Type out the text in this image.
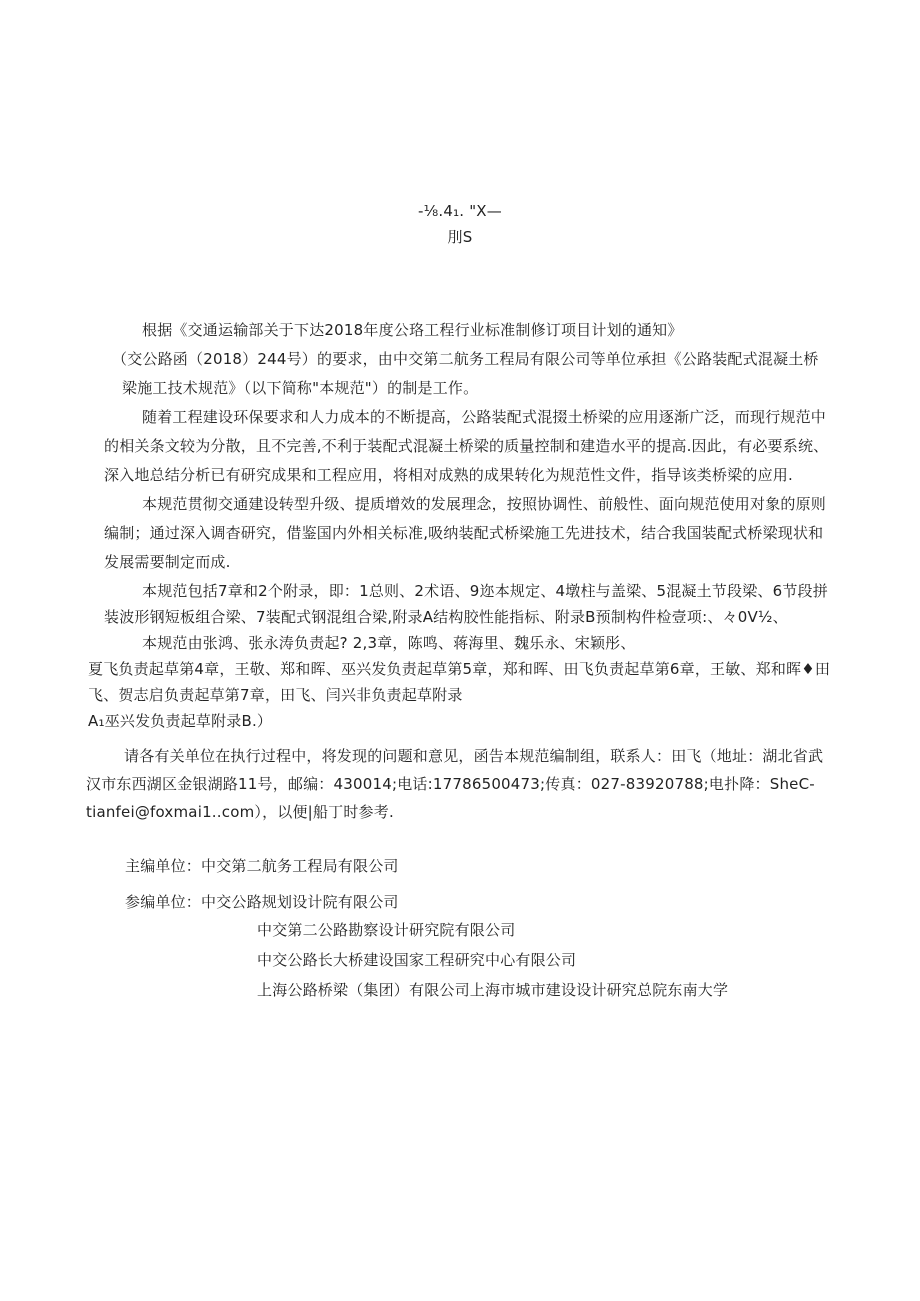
-⅛.4₁. "X—
刖S
根据《交通运输部关于下达2018年度公珞工程行业标准制修订项目计划的通知》
（交公路函（2018）244号）的要求，由中交第二航务工程局有限公司等单位承担《公路装配式混凝土桥
梁施工技术规范》（以下简称"本规范"）的制是工作。
随着工程建设环保要求和人力成本的不断提高，公路装配式混掇土桥梁的应用逐渐广泛，而现行规范中
的相关条文较为分散，且不完善,不利于装配式混凝土桥梁的质量控制和建造水平的提高.因此，有必要系统、
深入地总结分析已有研究成果和工程应用，将相对成熟的成果转化为规范性文件，指导该类桥梁的应用.
本规范贯彻交通建设转型升级、提质增效的发展理念，按照协调性、前般性、面向规范使用对象的原则
编制；通过深入调杳研究，借鉴国内外相关标准,吸纳装配式桥梁施工先进技术，结合我国装配式桥梁现状和
发展需要制定而成.
本规范包括7章和2个附录，即：1总则、2术语、9迩本规定、4墩柱与盖梁、5混凝土节段梁、6节段拼
装波形钢短板组合梁、7装配式钢混组合梁,附录A结构胶性能指标、附录B预制构件检壹项:、々0V½、
本规范由张鸿、张永涛负责起? 2,3章，陈鸣、蒋海里、魏乐永、宋颖彤、
夏飞负责起草第4章，王敬、郑和晖、巫兴发负责起草第5章，郑和晖、田飞负责起草第6章，王敏、郑和晖♦田
飞、贺志启负责起草第7章，田飞、闫兴非负责起草附录
A₁巫兴发负责起草附录B.）
请各有关单位在执行过程中，将发现的问题和意见，函告本规范编制组，联系人：田飞（地址：湖北省武
汉市东西湖区金银湖路11号，邮编：430014;电话:17786500473;传真：027-83920788;电扑降：SheC-
tianfei@foxmai1..com），以便|船丁时参考.
主编单位：中交第二航务工程局有限公司
参编单位：中交公路规划设计院有限公司
中交第二公路勘察设计研究院有限公司
中交公路长大桥建设国家工程研究中心有限公司
上海公路桥梁（集团）有限公司上海市城市建设设计研究总院东南大学
